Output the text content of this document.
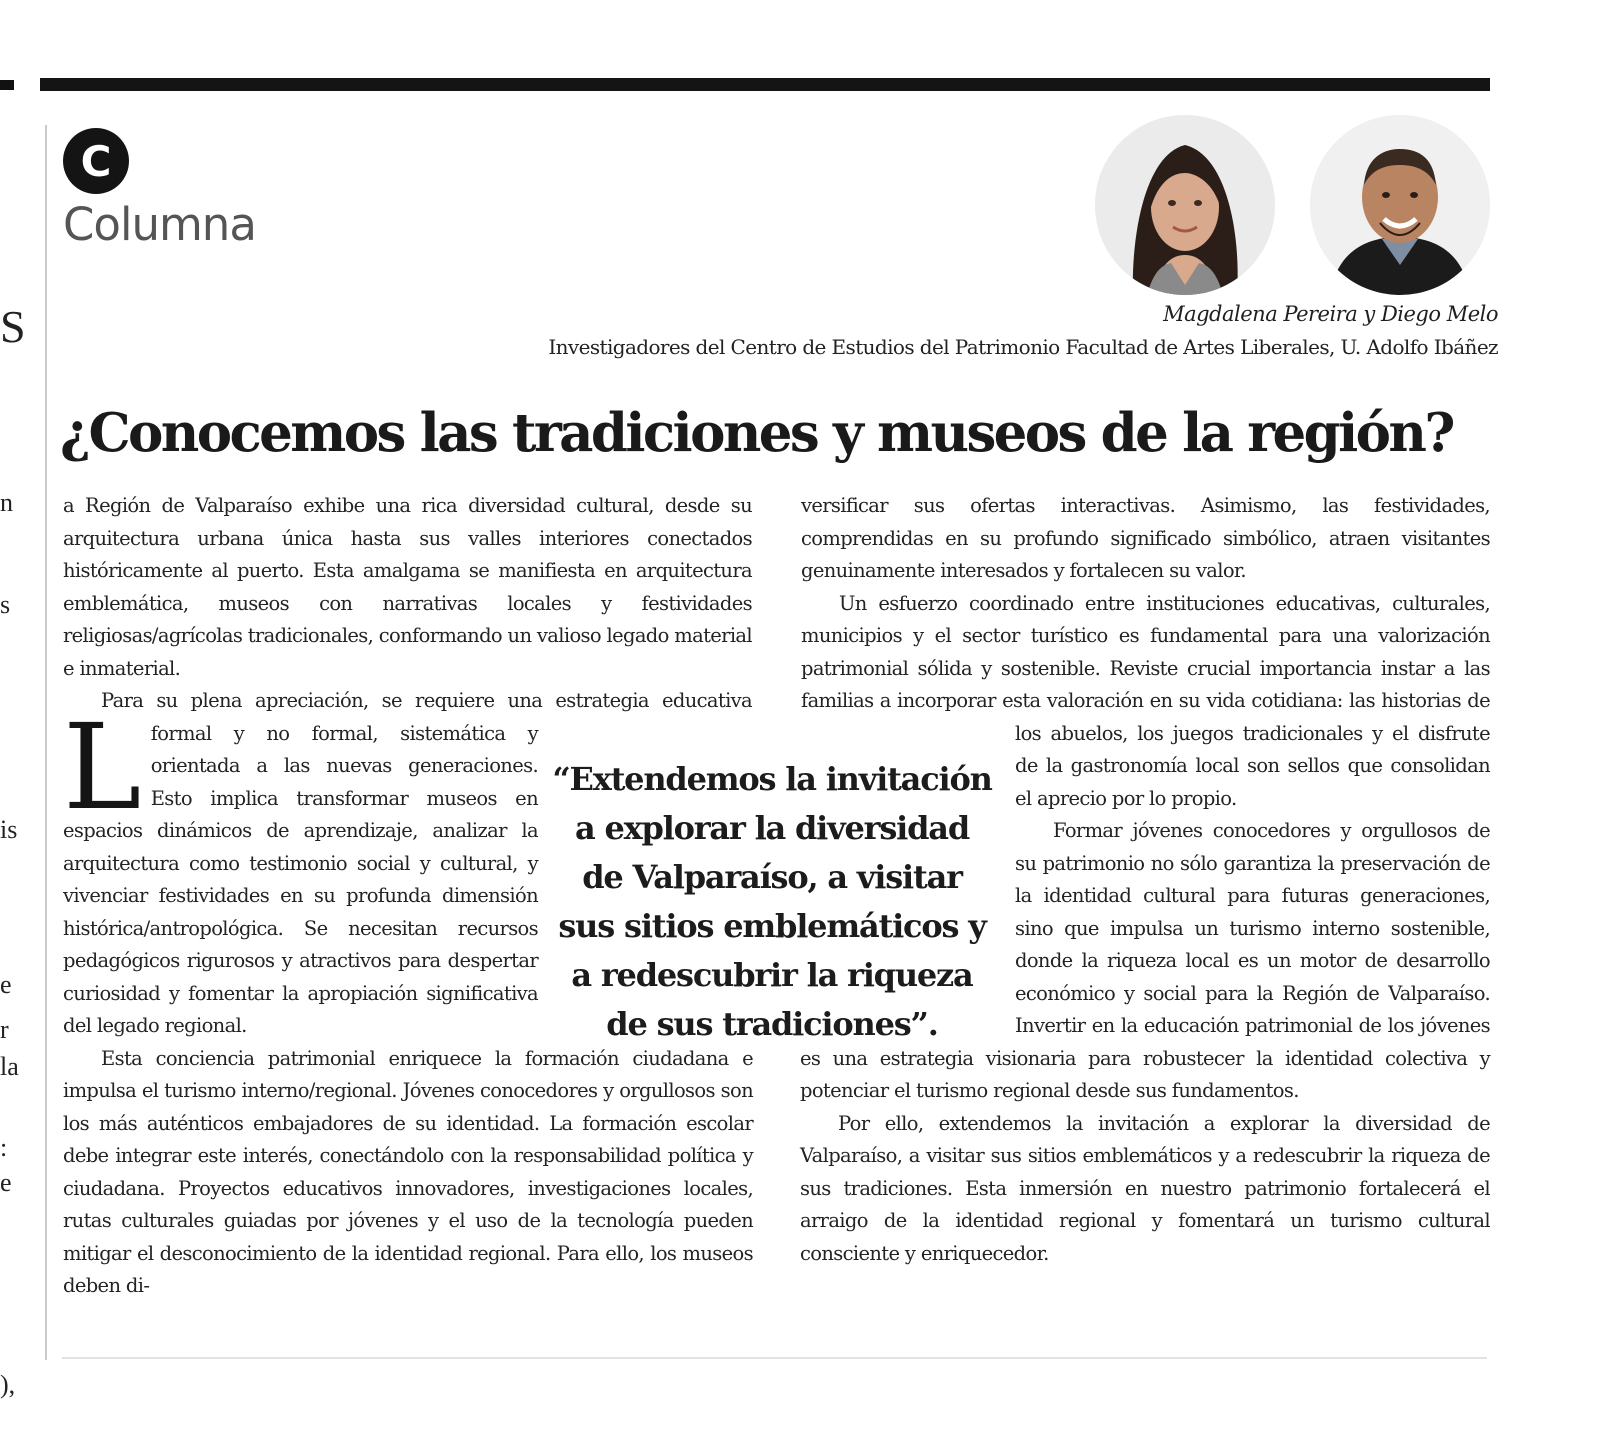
S
n
s
is
e
r
la
:
e
),
C
Columna
Magdalena Pereira y Diego Melo
Investigadores del Centro de Estudios del Patrimonio Facultad de Artes Liberales, U. Adolfo Ibáñez
¿Conocemos las tradiciones y museos de la región?

L
a Región de Valparaíso exhibe una rica diversidad cultural, desde su arquitectura urbana única hasta sus valles interiores conectados históricamente al puerto. Esta amalgama se manifiesta en arquitectura emblemática, museos con narrativas locales y festividades religiosas/agrícolas tradicionales, conformando un valioso legado material e inmaterial.

Para su plena apreciación, se requiere una estrategia educativa formal y no formal, sistemática y orientada a las nuevas generaciones. Esto implica transformar museos en espacios dinámicos de aprendizaje, analizar la arquitectura como testimonio social y cultural, y vivenciar festividades en su profunda dimensión histórica/antropológica. Se necesitan recursos pedagógicos rigurosos y atractivos para despertar curiosidad y fomentar la apropiación significativa del legado regional.

Esta conciencia patrimonial enriquece la formación ciudadana e impulsa el turismo interno/regional. Jóvenes conocedores y orgullosos son los más auténticos embajadores de su identidad. La formación escolar debe integrar este interés, conectándolo con la responsabilidad política y ciudadana. Proyectos educativos innovadores, investigaciones locales, rutas culturales guiadas por jóvenes y el uso de la tecnología pueden mitigar el desconocimiento de la identidad regional. Para ello, los museos deben di-

versificar sus ofertas interactivas. Asimismo, las festividades, comprendidas en su profundo significado simbólico, atraen visitantes genuinamente interesados y fortalecen su valor.

Un esfuerzo coordinado entre instituciones educativas, culturales, municipios y el sector turístico es fundamental para una valorización patrimonial sólida y sostenible. Reviste crucial importancia instar a las familias a incorporar esta valoración en su vida cotidiana: las historias de los abuelos, los juegos tradicionales y el disfrute de la gastronomía local son sellos que consolidan el aprecio por lo propio.

Formar jóvenes conocedores y orgullosos de su patrimonio no sólo garantiza la preservación de la identidad cultural para futuras generaciones, sino que impulsa un turismo interno sostenible, donde la riqueza local es un motor de desarrollo económico y social para la Región de Valparaíso. Invertir en la educación patrimonial de los jóvenes es una estrategia visionaria para robustecer la identidad colectiva y potenciar el turismo regional desde sus fundamentos.

Por ello, extendemos la invitación a explorar la diversidad de Valparaíso, a visitar sus sitios emblemáticos y a redescubrir la riqueza de sus tradiciones. Esta inmersión en nuestro patrimonio fortalecerá el arraigo de la identidad regional y fomentará un turismo cultural consciente y enriquecedor.

“Extendemos la invitación a explorar la diversidad de Valparaíso, a visitar sus sitios emblemáticos y a redescubrir la riqueza de sus tradiciones”.
